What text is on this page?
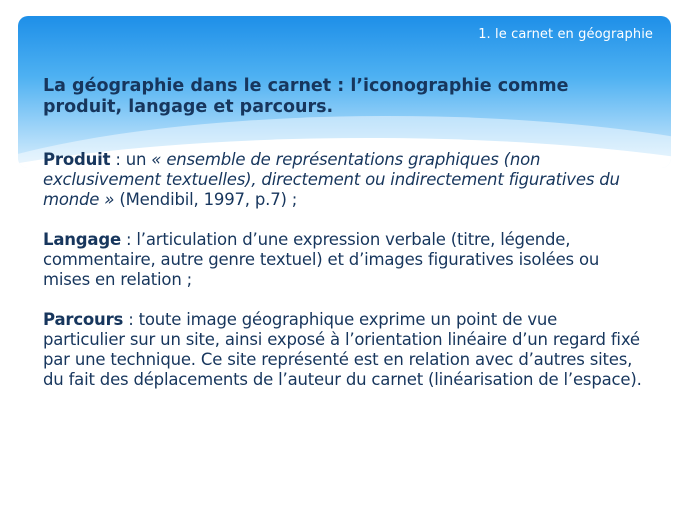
1. le carnet en géographie
La géographie dans le carnet : l’iconographie comme produit, langage et parcours.

Produit : un « ensemble de représentations graphiques (non exclusivement textuelles), directement ou indirectement figuratives du monde » (Mendibil, 1997, p.7) ;

Langage : l’articulation d’une expression verbale (titre, légende, commentaire, autre genre textuel) et d’images figuratives isolées ou mises en relation ;

Parcours : toute image géographique exprime un point de vue particulier sur un site, ainsi exposé à l’orientation linéaire d’un regard fixé par une technique. Ce site représenté est en relation avec d’autres sites, du fait des déplacements de l’auteur du carnet (linéarisation de l’espace).
